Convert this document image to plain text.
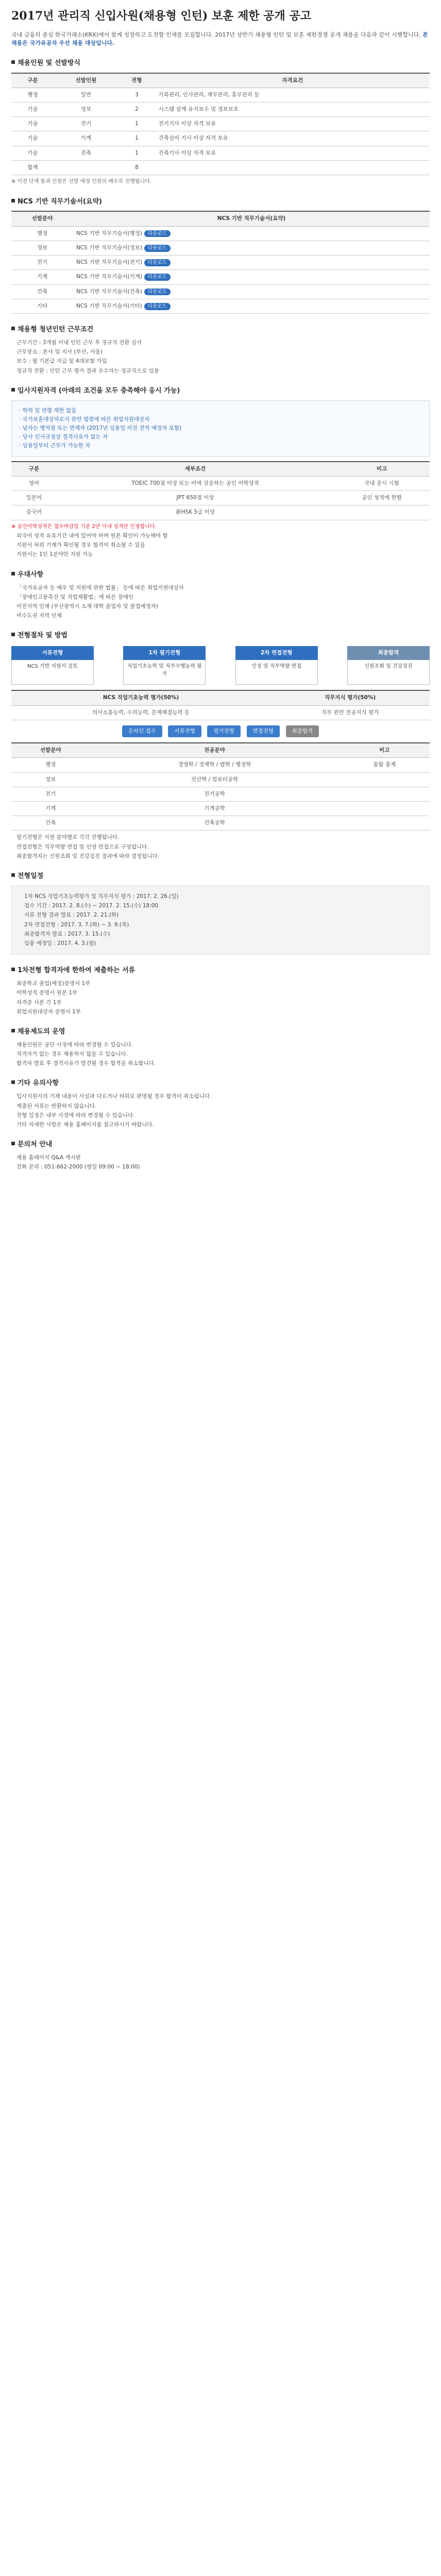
2017년 관리직 신입사원(채용형 인턴) 보훈 제한 공개 공고
국내 금융의 중심 한국거래소(KRX)에서 함께 성장하고 도전할 인재를 모집합니다. 2017년 상반기 채용형 인턴 및 보훈 제한경쟁 공개 채용을 다음과 같이 시행합니다. 본 채용은 국가유공자 우선 채용 대상입니다.
채용인원 및 선발방식
구분	선발인원	전형	자격요건
행정	일반	3	기록관리, 인사관리, 재무관리, 총무관리 등
기술	정보	2	시스템 설계 유지보수 및 정보보호
기술	전기	1	전기기사 이상 자격 보유
기술	기계	1	건축설비 기사 이상 자격 보유
기술	건축	1	건축기사 이상 자격 보유
합계		8	
※ 이전 단계 통과 인원은 선발 예정 인원의 배수로 진행됩니다.
NCS 기반 직무기술서(요약)
선발분야	NCS 기반 직무기술서(요약)
행정	NCS 기반 직무기술서(행정) 다운로드
정보	NCS 기반 직무기술서(정보) 다운로드
전기	NCS 기반 직무기술서(전기) 다운로드
기계	NCS 기반 직무기술서(기계) 다운로드
건축	NCS 기반 직무기술서(건축) 다운로드
기타	NCS 기반 직무기술서(기타) 다운로드
채용형 청년인턴 근무조건
근무기간 : 3개월 이내 인턴 근무 후 정규직 전환 심사
근무장소 : 본사 및 지사 (부산, 서울)
보수 : 월 기본급 지급 및 4대보험 가입
정규직 전환 : 인턴 근무 평가 결과 우수자는 정규직으로 임용
입사지원자격 (아래의 조건을 모두 충족해야 응시 가능)
· 학력 및 연령 제한 없음
· 국가보훈대상자로서 관련 법령에 따른 취업지원대상자
· 남자는 병역필 또는 면제자 (2017년 임용일 이전 전역 예정자 포함)
· 당사 인사규정상 결격사유가 없는 자
· 임용일부터 근무가 가능한 자
구분	세부조건	비고
영어	TOEIC 700점 이상 또는 이에 상응하는 공인 어학성적	국내 응시 시험
일본어	JPT 650점 이상	공인 성적에 한함
중국어	新HSK 5급 이상	
※ 공인어학성적은 접수마감일 기준 2년 이내 성적만 인정합니다.
외국어 성적 유효기간 내에 있어야 하며 원본 확인이 가능해야 함
지원서 허위 기재가 확인될 경우 합격이 취소될 수 있음
지원서는 1인 1분야만 지원 가능
우대사항
「국가유공자 등 예우 및 지원에 관한 법률」 등에 따른 취업지원대상자
「장애인고용촉진 및 직업재활법」에 따른 장애인
이전지역 인재 (부산광역시 소재 대학 졸업자 및 졸업예정자)
비수도권 지역 인재
전형절차 및 방법
서류전형
NCS 기반 지원서 검토
1차 필기전형
직업기초능력 및 직무수행능력 평가
2차 면접전형
인성 및 직무역량 면접
최종합격
신원조회 및 건강검진
NCS 직업기초능력 평가(50%)	직무지식 평가(50%)
의사소통능력, 수리능력, 문제해결능력 등	직무 관련 전공지식 평가
온라인 접수	서류전형	필기전형	면접전형	최종합격
선발분야	전공분야	비고
행정	경영학 / 경제학 / 법학 / 행정학	통합 출제
정보	전산학 / 컴퓨터공학	
전기	전기공학	
기계	기계공학	
건축	건축공학	
필기전형은 지원 분야별로 각각 진행됩니다.
면접전형은 직무역량 면접 및 인성 면접으로 구성됩니다.
최종합격자는 신원조회 및 건강검진 결과에 따라 결정됩니다.
전형일정
1차 NCS 직업기초능력평가 및 직무지식 평가 : 2017. 2. 26.(일)
접수 기간 : 2017. 2. 8.(수) ~ 2017. 2. 15.(수) 18:00
서류 전형 결과 발표 : 2017. 2. 21.(화)
2차 면접전형 : 2017. 3. 7.(화) ~ 3. 9.(목)
최종합격자 발표 : 2017. 3. 15.(수)
임용 예정일 : 2017. 4. 3.(월)
1차전형 합격자에 한하여 제출하는 서류
최종학교 졸업(예정)증명서 1부
어학성적 증명서 원본 1부
자격증 사본 각 1부
취업지원대상자 증명서 1부
채용제도의 운영
채용인원은 공단 사정에 따라 변경될 수 있습니다.
적격자가 없는 경우 채용하지 않을 수 있습니다.
합격자 발표 후 결격사유가 발견될 경우 합격을 취소합니다.
기타 유의사항
입사지원서의 기재 내용이 사실과 다르거나 허위로 판명될 경우 합격이 취소됩니다.
제출된 서류는 반환하지 않습니다.
전형 일정은 내부 사정에 따라 변경될 수 있습니다.
기타 자세한 사항은 채용 홈페이지를 참고하시기 바랍니다.
문의처 안내
채용 홈페이지 Q&A 게시판
전화 문의 : 051-662-2000 (평일 09:00 ~ 18:00)
